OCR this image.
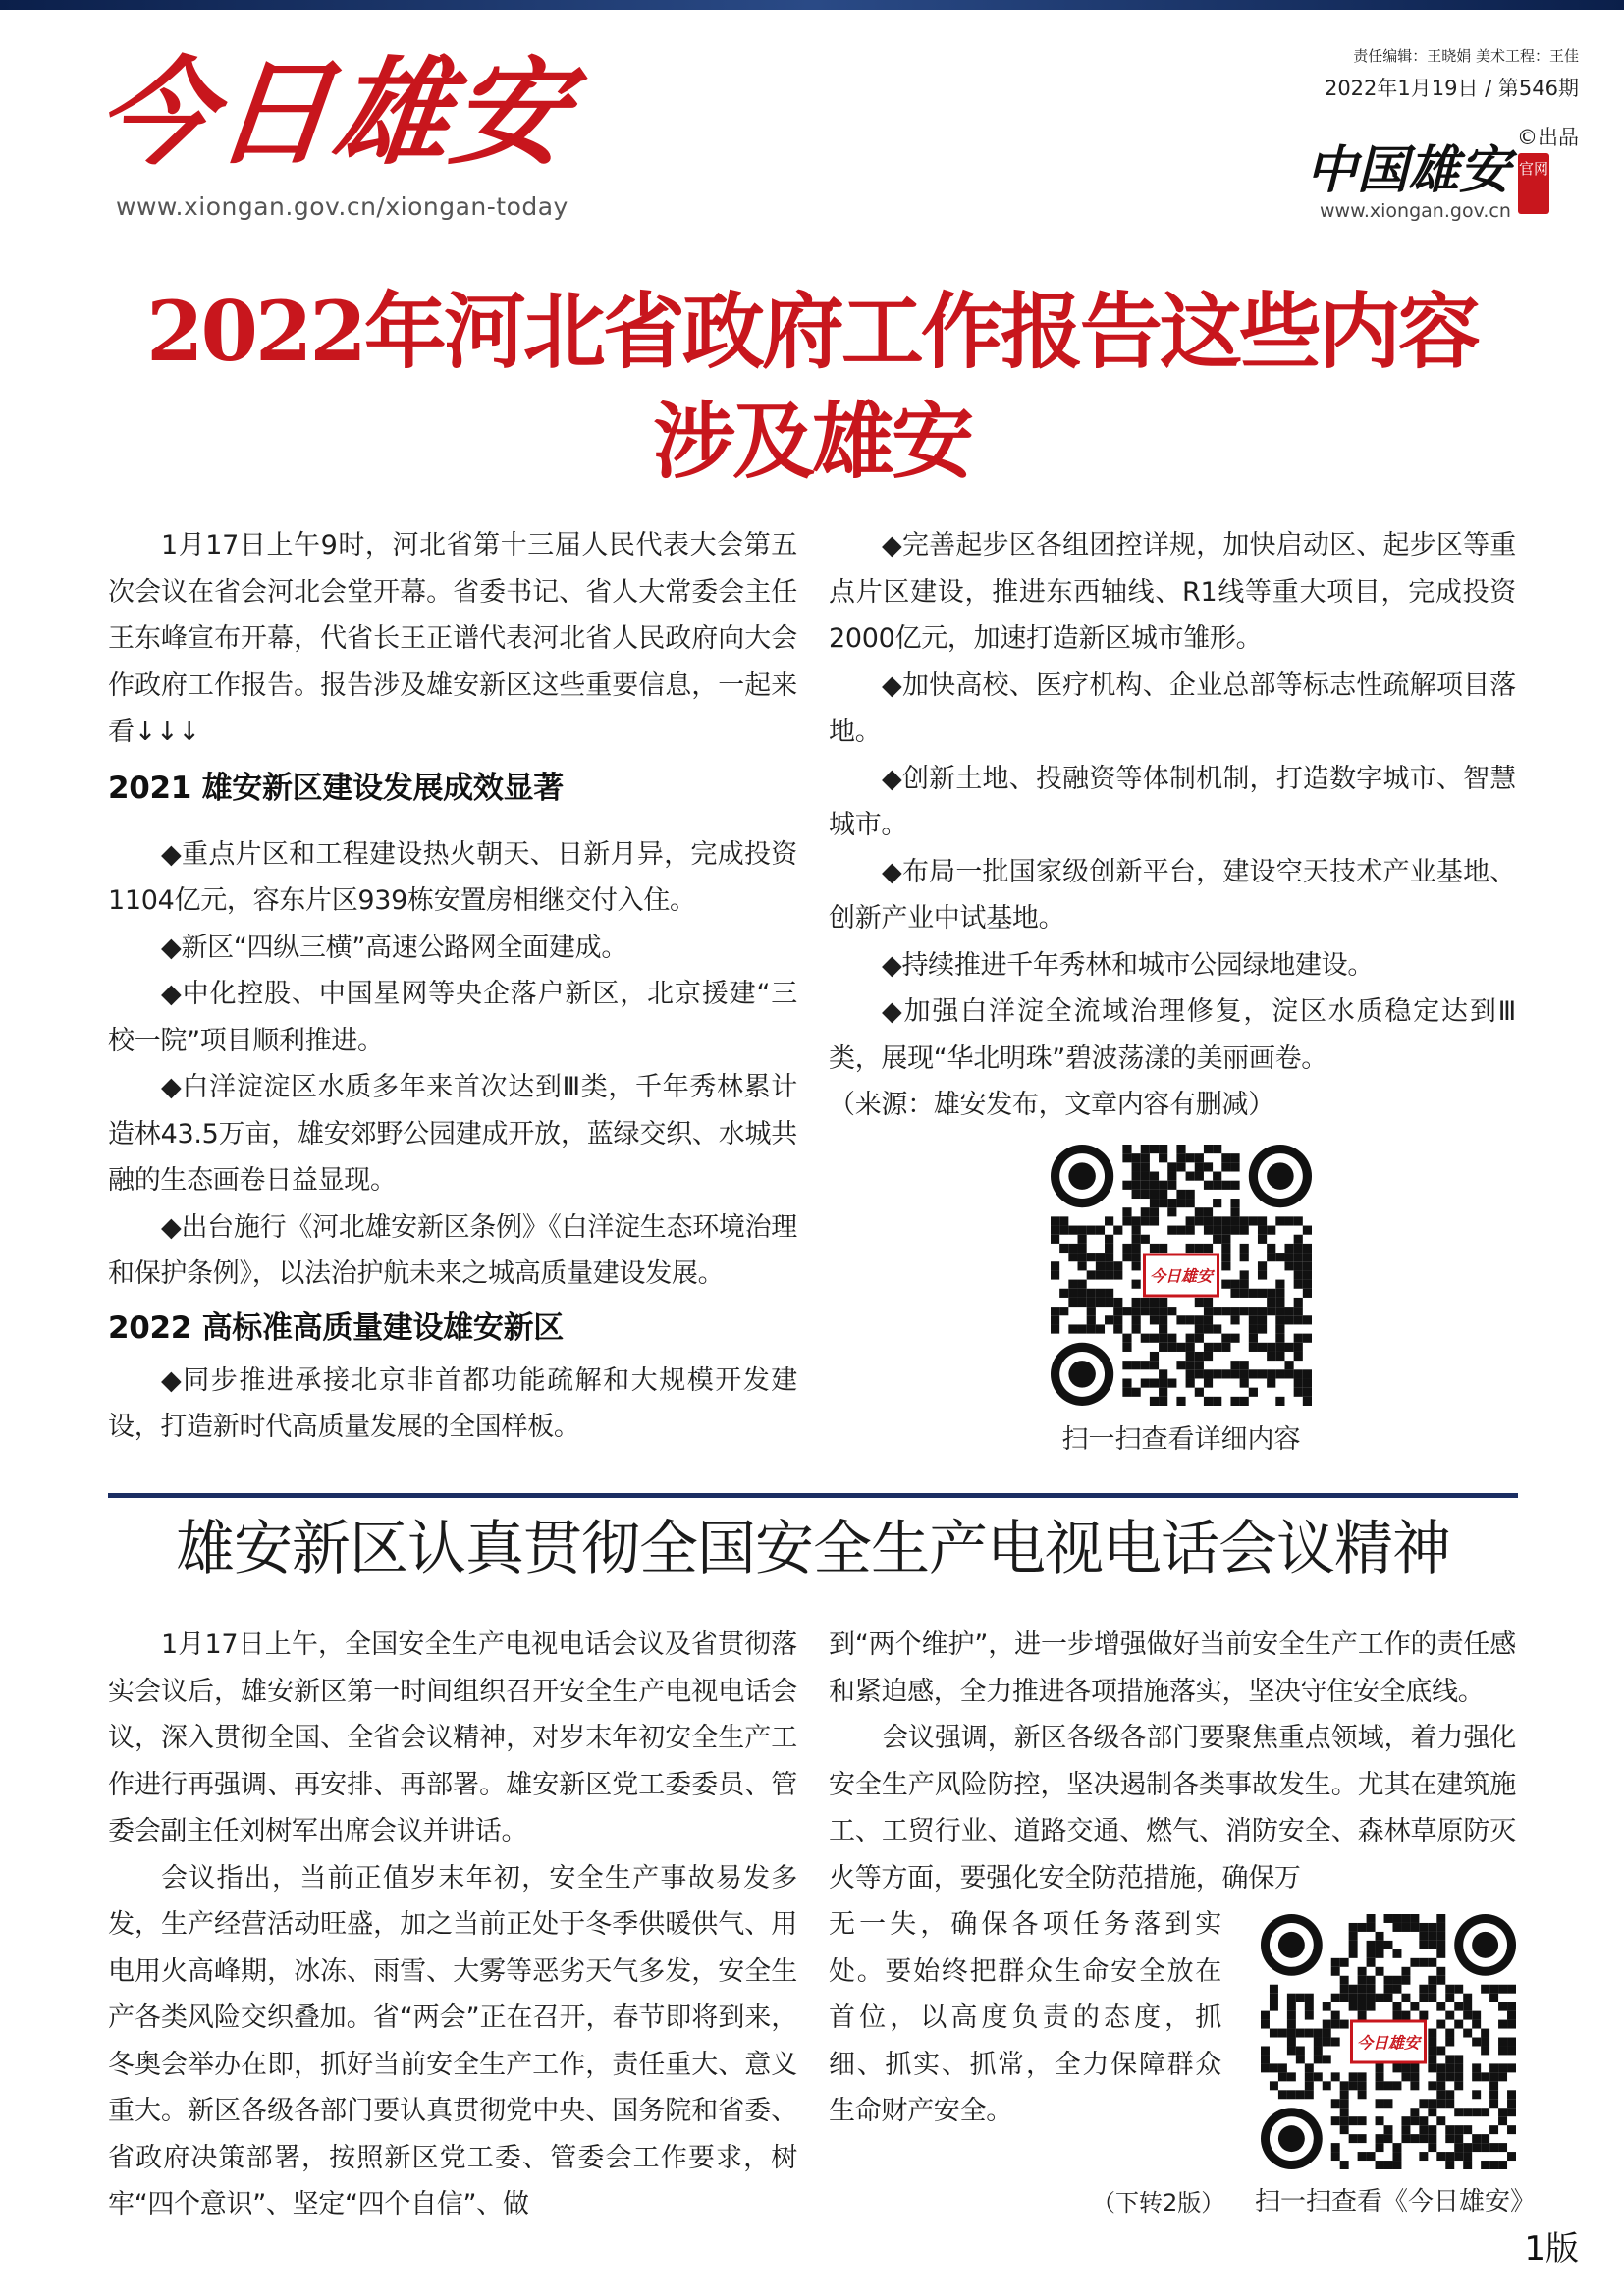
今日雄安
www.xiongan.gov.cn/xiongan-today
责任编辑：王晓娟 美术工程：王佳
2022年1月19日 / 第546期
©出品
中国雄安 官网
www.xiongan.gov.cn
2022年河北省政府工作报告这些内容
涉及雄安

1月17日上午9时，河北省第十三届人民代表大会第五次会议在省会河北会堂开幕。省委书记、省人大常委会主任王东峰宣布开幕，代省长王正谱代表河北省人民政府向大会作政府工作报告。报告涉及雄安新区这些重要信息，一起来看↓↓↓

2021 雄安新区建设发展成效显著

◆重点片区和工程建设热火朝天、日新月异，完成投资1104亿元，容东片区939栋安置房相继交付入住。

◆新区“四纵三横”高速公路网全面建成。

◆中化控股、中国星网等央企落户新区，北京援建“三校一院”项目顺利推进。

◆白洋淀淀区水质多年来首次达到Ⅲ类，千年秀林累计造林43.5万亩，雄安郊野公园建成开放，蓝绿交织、水城共融的生态画卷日益显现。

◆出台施行《河北雄安新区条例》《白洋淀生态环境治理和保护条例》，以法治护航未来之城高质量建设发展。

2022 高标准高质量建设雄安新区

◆同步推进承接北京非首都功能疏解和大规模开发建设，打造新时代高质量发展的全国样板。

◆完善起步区各组团控详规，加快启动区、起步区等重点片区建设，推进东西轴线、R1线等重大项目，完成投资2000亿元，加速打造新区城市雏形。

◆加快高校、医疗机构、企业总部等标志性疏解项目落地。

◆创新土地、投融资等体制机制，打造数字城市、智慧城市。

◆布局一批国家级创新平台，建设空天技术产业基地、创新产业中试基地。

◆持续推进千年秀林和城市公园绿地建设。

◆加强白洋淀全流域治理修复，淀区水质稳定达到Ⅲ类，展现“华北明珠”碧波荡漾的美丽画卷。

（来源：雄安发布，文章内容有删减）

今日雄安
扫一扫查看详细内容
雄安新区认真贯彻全国安全生产电视电话会议精神

1月17日上午，全国安全生产电视电话会议及省贯彻落实会议后，雄安新区第一时间组织召开安全生产电视电话会议，深入贯彻全国、全省会议精神，对岁末年初安全生产工作进行再强调、再安排、再部署。雄安新区党工委委员、管委会副主任刘树军出席会议并讲话。

会议指出，当前正值岁末年初，安全生产事故易发多发，生产经营活动旺盛，加之当前正处于冬季供暖供气、用电用火高峰期，冰冻、雨雪、大雾等恶劣天气多发，安全生产各类风险交织叠加。省“两会”正在召开，春节即将到来，冬奥会举办在即，抓好当前安全生产工作，责任重大、意义重大。新区各级各部门要认真贯彻党中央、国务院和省委、省政府决策部署，按照新区党工委、管委会工作要求，树牢“四个意识”、坚定“四个自信”、做

到“两个维护”，进一步增强做好当前安全生产工作的责任感和紧迫感，全力推进各项措施落实，坚决守住安全底线。

会议强调，新区各级各部门要聚焦重点领域，着力强化安全生产风险防控，坚决遏制各类事故发生。尤其在建筑施工、工贸行业、道路交通、燃气、消防安全、森林草原防灭火等方面，要强化安全防范措施，确保万

无一失，确保各项任务落到实处。要始终把群众生命安全放在首位，以高度负责的态度，抓细、抓实、抓常，全力保障群众生命财产安全。

今日雄安
扫一扫查看《今日雄安》
（下转2版）
1版
